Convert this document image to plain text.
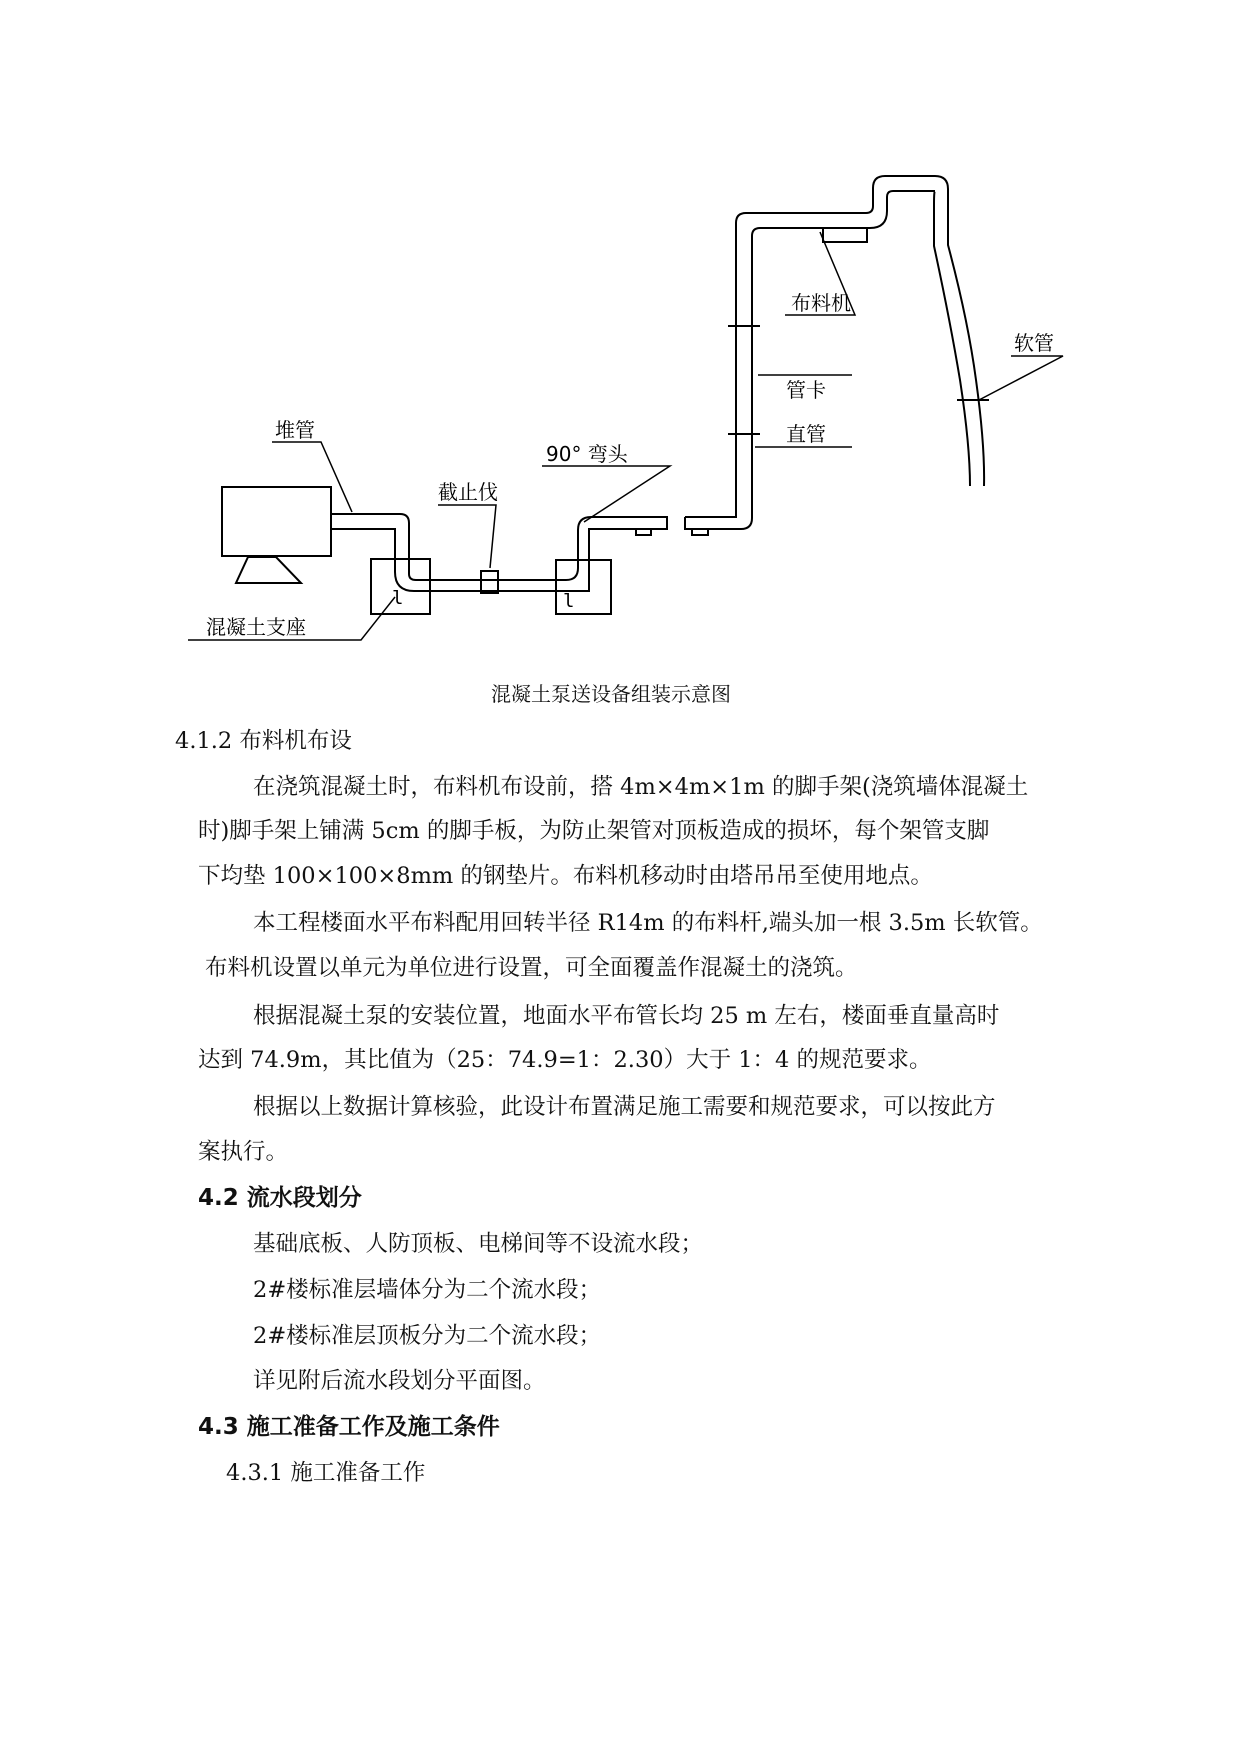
堆管
截止伐
90° 弯头
布料机
管卡
直管
软管
混凝土支座
l	l
混凝土泵送设备组装示意图
4.1.2 布料机布设
在浇筑混凝土时，布料机布设前，搭 4m×4m×1m 的脚手架(浇筑墙体混凝土
时)脚手架上铺满 5cm 的脚手板，为防止架管对顶板造成的损坏，每个架管支脚
下均垫 100×100×8mm 的钢垫片。布料机移动时由塔吊吊至使用地点。
本工程楼面水平布料配用回转半径 R14m 的布料杆,端头加一根 3.5m 长软管。
布料机设置以单元为单位进行设置，可全面覆盖作混凝土的浇筑。
根据混凝土泵的安装位置，地面水平布管长均 25 m 左右，楼面垂直量高时
达到 74.9m，其比值为（25：74.9=1：2.30）大于 1：4 的规范要求。
根据以上数据计算核验，此设计布置满足施工需要和规范要求，可以按此方
案执行。
4.2 流水段划分
基础底板、人防顶板、电梯间等不设流水段；
2#楼标准层墙体分为二个流水段；
2#楼标准层顶板分为二个流水段；
详见附后流水段划分平面图。
4.3 施工准备工作及施工条件
4.3.1 施工准备工作
